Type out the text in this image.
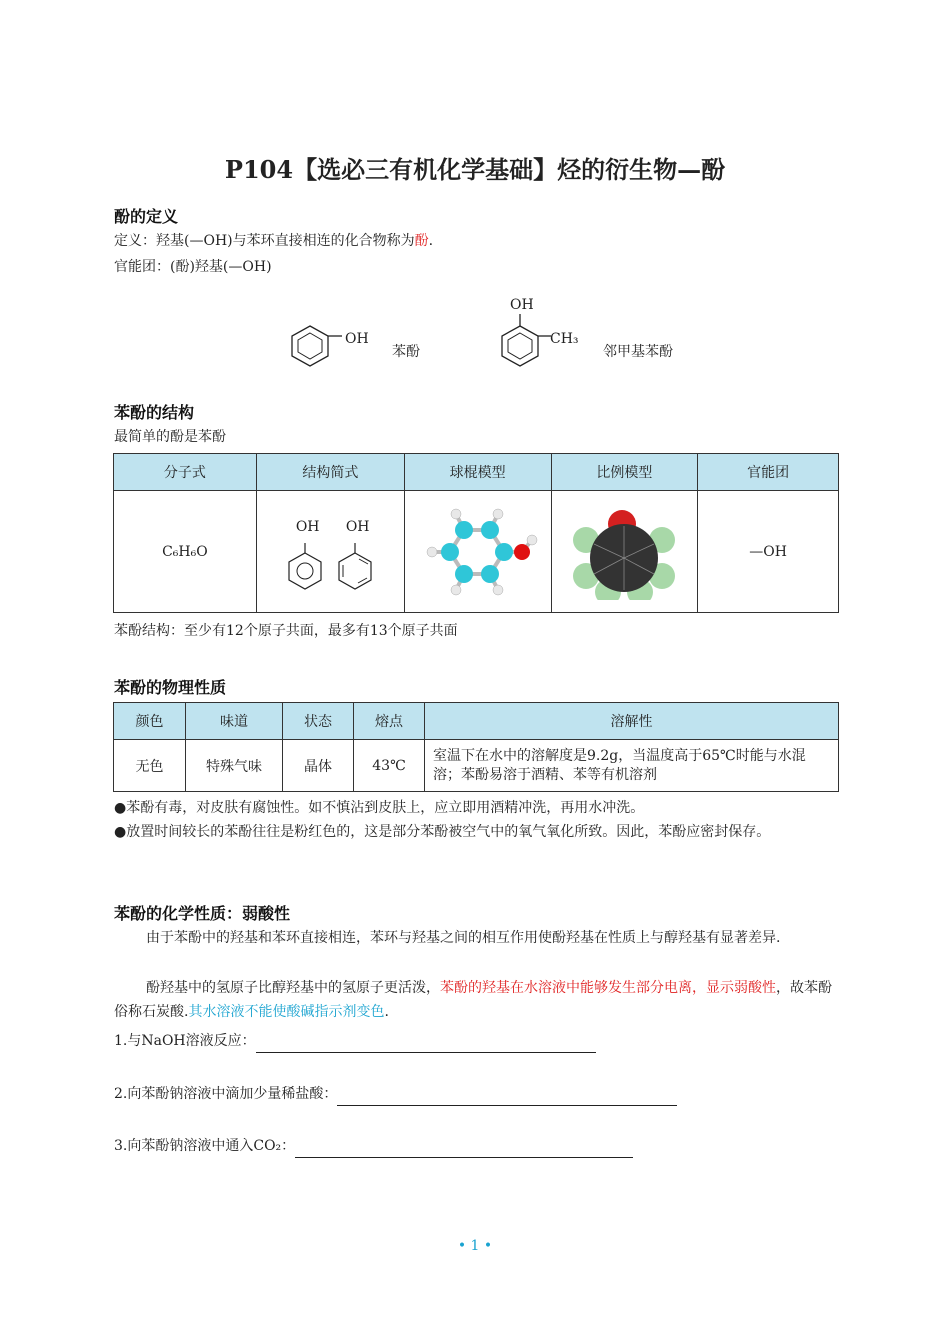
P104【选必三有机化学基础】烃的衍生物—酚
酚的定义
定义：羟基(—OH)与苯环直接相连的化合物称为酚.
官能团：(酚)羟基(—OH)
OH
苯酚
OH
CH₃
邻甲基苯酚
苯酚的结构
最简单的酚是苯酚
分子式	结构简式	球棍模型	比例模型	官能团
C₆H₆O	OH OH			—OH
苯酚结构：至少有12个原子共面，最多有13个原子共面
苯酚的物理性质
颜色	味道	状态	熔点	溶解性
无色	特殊气味	晶体	43℃	室温下在水中的溶解度是9.2g，当温度高于65℃时能与水混溶；苯酚易溶于酒精、苯等有机溶剂
●苯酚有毒，对皮肤有腐蚀性。如不慎沾到皮肤上，应立即用酒精冲洗，再用水冲洗。
●放置时间较长的苯酚往往是粉红色的，这是部分苯酚被空气中的氧气氧化所致。因此，苯酚应密封保存。
苯酚的化学性质：弱酸性
由于苯酚中的羟基和苯环直接相连，苯环与羟基之间的相互作用使酚羟基在性质上与醇羟基有显著差异.
酚羟基中的氢原子比醇羟基中的氢原子更活泼，苯酚的羟基在水溶液中能够发生部分电离，显示弱酸性，故苯酚俗称石炭酸.其水溶液不能使酸碱指示剂变色.
1.与NaOH溶液反应：
2.向苯酚钠溶液中滴加少量稀盐酸：
3.向苯酚钠溶液中通入CO₂：
• 1 •
